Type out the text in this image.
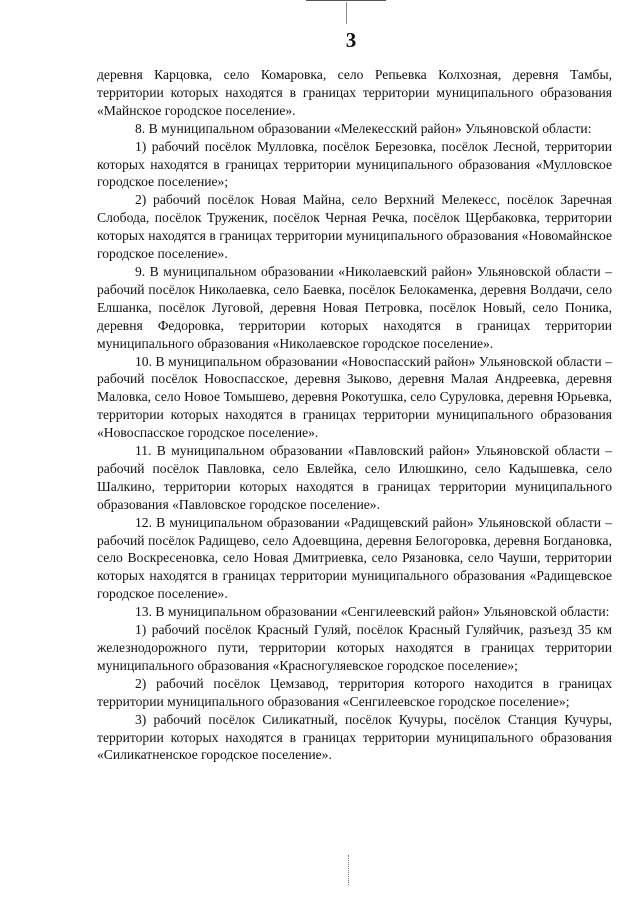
3

деревня Карцовка, село Комаровка, село Репьевка Колхозная, деревня Тамбы, территории которых находятся в границах территории муниципального образования «Майнское городское поселение».

8. В муниципальном образовании «Мелекесский район» Ульяновской области:

1) рабочий посёлок Мулловка, посёлок Березовка, посёлок Лесной, территории которых находятся в границах территории муниципального образования «Мулловское городское поселение»;

2) рабочий посёлок Новая Майна, село Верхний Мелекесс, посёлок Заречная Слобода, посёлок Труженик, посёлок Черная Речка, посёлок Щербаковка, территории которых находятся в границах территории муниципального образования «Новомайнское городское поселение».

9. В муниципальном образовании «Николаевский район» Ульяновской области – рабочий посёлок Николаевка, село Баевка, посёлок Белокаменка, деревня Волдачи, село Елшанка, посёлок Луговой, деревня Новая Петровка, посёлок Новый, село Поника, деревня Федоровка, территории которых находятся в границах территории муниципального образования «Николаевское городское поселение».

10. В муниципальном образовании «Новоспасский район» Ульяновской области – рабочий посёлок Новоспасское, деревня Зыково, деревня Малая Андреевка, деревня Маловка, село Новое Томышево, деревня Рокотушка, село Суруловка, деревня Юрьевка, территории которых находятся в границах территории муниципального образования «Новоспасское городское поселение».

11. В муниципальном образовании «Павловский район» Ульяновской области – рабочий посёлок Павловка, село Евлейка, село Илюшкино, село Кадышевка, село Шалкино, территории которых находятся в границах территории муниципального образования «Павловское городское поселение».

12. В муниципальном образовании «Радищевский район» Ульяновской области – рабочий посёлок Радищево, село Адоевщина, деревня Белогоровка, деревня Богдановка, село Воскресеновка, село Новая Дмитриевка, село Рязановка, село Чауши, территории которых находятся в границах территории муниципального образования «Радищевское городское поселение».

13. В муниципальном образовании «Сенгилеевский район» Ульяновской области:

1) рабочий посёлок Красный Гуляй, посёлок Красный Гуляйчик, разъезд 35 км железнодорожного пути, территории которых находятся в границах территории муниципального образования «Красногуляевское городское поселение»;

2) рабочий посёлок Цемзавод, территория которого находится в границах территории муниципального образования «Сенгилеевское городское поселение»;

3) рабочий посёлок Силикатный, посёлок Кучуры, посёлок Станция Кучуры, территории которых находятся в границах территории муниципального образования «Силикатненское городское поселение».
